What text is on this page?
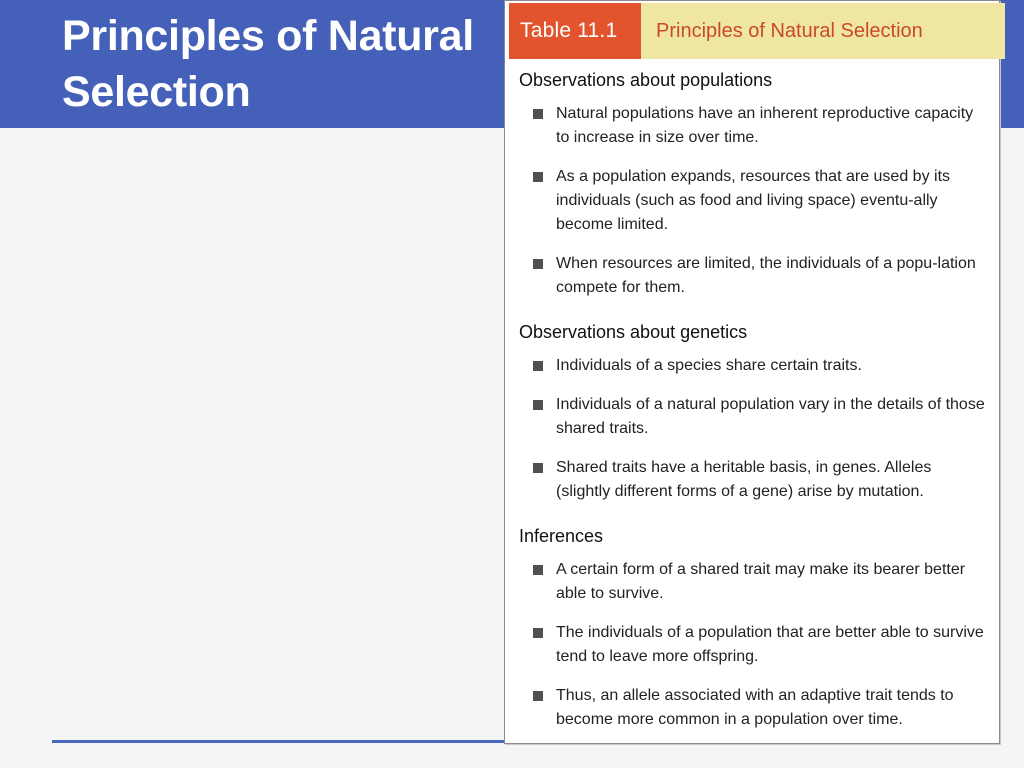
Principles of Natural Selection
Table 11.1	Principles of Natural Selection
Observations about populations
Natural populations have an inherent reproductive capacity to increase in size over time.
As a population expands, resources that are used by its individuals (such as food and living space) eventu-ally become limited.
When resources are limited, the individuals of a popu-lation compete for them.
Observations about genetics
Individuals of a species share certain traits.
Individuals of a natural population vary in the details of those shared traits.
Shared traits have a heritable basis, in genes. Alleles (slightly different forms of a gene) arise by mutation.
Inferences
A certain form of a shared trait may make its bearer better able to survive.
The individuals of a population that are better able to survive tend to leave more offspring.
Thus, an allele associated with an adaptive trait tends to become more common in a population over time.
